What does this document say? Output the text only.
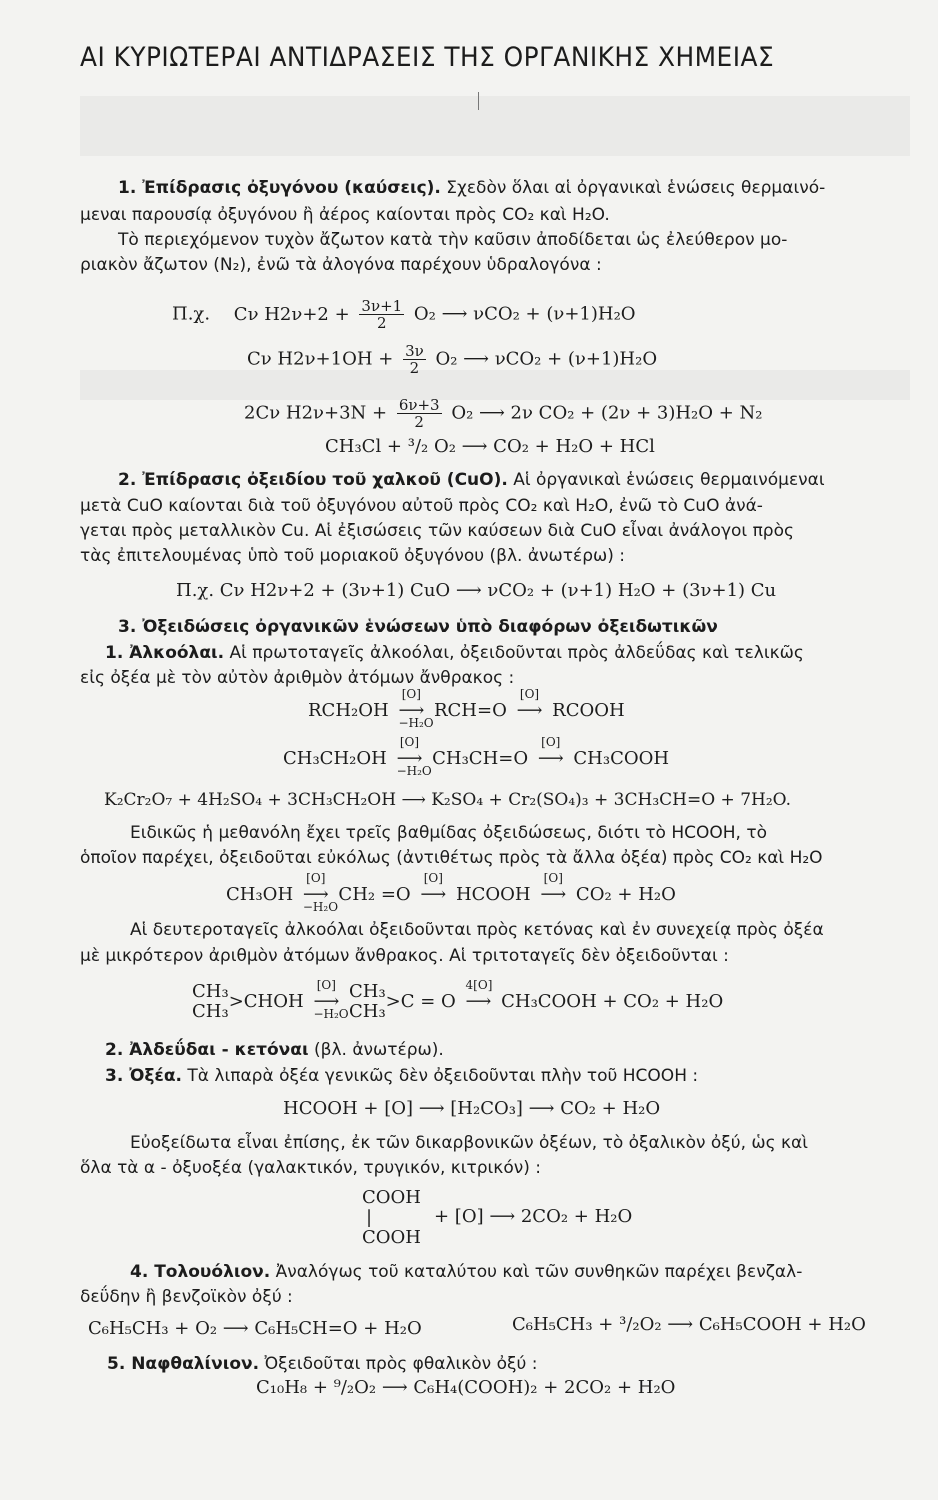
ΑΙ ΚΥΡΙΩΤΕΡΑΙ ΑΝΤΙΔΡΑΣΕΙΣ ΤΗΣ ΟΡΓΑΝΙΚΗΣ ΧΗΜΕΙΑΣ
1. Ἐπίδρασις ὀξυγόνου (καύσεις). Σχεδὸν ὅλαι αἱ ὀργανικαὶ ἑνώσεις θερμαινό-
μεναι παρουσίᾳ ὀξυγόνου ἢ ἀέρος καίονται πρὸς CO₂ καὶ H₂O.
Τὸ περιεχόμενον τυχὸν ἄζωτον κατὰ τὴν καῦσιν ἀποδίδεται ὡς ἐλεύθερον μο-
ριακὸν ἄζωτον (N₂), ἐνῶ τὰ ἀλογόνα παρέχουν ὑδραλογόνα :
Π.χ. Cν $H2\nu+2 + \frac{3\nu+1}{2} O_2$ ⟶ νCO₂ + (ν+1)H₂O
Cν $H2\nu+1OH + \frac{3\nu}{2} O_2$ ⟶ νCO₂ + (ν+1)H₂O
2Cν $H2\nu+3N + \frac{6\nu+3}{2} O_2$ ⟶ 2ν CO₂ + (2ν + 3)H₂O + N₂
CH₃Cl + ³/₂ O₂ ⟶ CO₂ + H₂O + HCl
2. Ἐπίδρασις ὀξειδίου τοῦ χαλκοῦ (CuO). Αἱ ὀργανικαὶ ἑνώσεις θερμαινόμεναι
μετὰ CuO καίονται διὰ τοῦ ὀξυγόνου αὐτοῦ πρὸς CO₂ καὶ H₂O, ἐνῶ τὸ CuO ἀνά-
γεται πρὸς μεταλλικὸν Cu. Αἱ ἐξισώσεις τῶν καύσεων διὰ CuO εἶναι ἀνάλογοι πρὸς
τὰς ἐπιτελουμένας ὑπὸ τοῦ μοριακοῦ ὀξυγόνου (βλ. ἀνωτέρω) :
Π.χ. Cν H2ν+2 + (3ν+1) CuO ⟶ νCO₂ + (ν+1) H₂O + (3ν+1) Cu
3. Ὀξειδώσεις ὀργανικῶν ἑνώσεων ὑπὸ διαφόρων ὀξειδωτικῶν
1. Ἀλκοόλαι. Αἱ πρωτοταγεῖς ἀλκοόλαι, ὀξειδοῦνται πρὸς ἀλδεΰδας καὶ τελικῶς
εἰς ὀξέα μὲ τὸν αὐτὸν ἀριθμὸν ἀτόμων ἄνθρακος :
RCH₂OH
[O]
⟶
−H₂O
RCH=O
[O]
⟶ RCOOH
CH₃CH₂OH
[O]
⟶
−H₂O
CH₃CH=O
[O]
⟶ CH₃COOH
K₂Cr₂O₇ + 4H₂SO₄ + 3CH₃CH₂OH ⟶ K₂SO₄ + Cr₂(SO₄)₃ + 3CH₃CH=O + 7H₂O.
Ειδικῶς ἡ μεθανόλη ἔχει τρεῖς βαθμίδας ὀξειδώσεως, διότι τὸ HCOOH, τὸ
ὁποῖον παρέχει, ὀξειδοῦται εὐκόλως (ἀντιθέτως πρὸς τὰ ἄλλα ὀξέα) πρὸς CO₂ καὶ H₂O
CH₃OH
[O]
⟶
−H₂O
CH₂ =O
[O]
⟶ HCOOH
[O]
⟶ CO₂ + H₂O
Αἱ δευτεροταγεῖς ἀλκοόλαι ὀξειδοῦνται πρὸς κετόνας καὶ ἐν συνεχείᾳ πρὸς ὀξέα
μὲ μικρότερον ἀριθμὸν ἀτόμων ἄνθρακος. Αἱ τριτοταγεῖς δὲν ὀξειδοῦνται :
CH₃
CH₃>CHOH
[O]
⟶
−H₂O
CH₃
CH₃>C = O
4[O]
⟶ CH₃COOH + CO₂ + H₂O
2. Ἀλδεΰδαι - κετόναι (βλ. ἀνωτέρω).
3. Ὀξέα. Τὰ λιπαρὰ ὀξέα γενικῶς δὲν ὀξειδοῦνται πλὴν τοῦ HCOOH :
HCOOH + [O] ⟶ [H₂CO₃] ⟶ CO₂ + H₂O
Εὐοξείδωτα εἶναι ἐπίσης, ἐκ τῶν δικαρβονικῶν ὀξέων, τὸ ὀξαλικὸν ὀξύ, ὡς καὶ
ὅλα τὰ α - ὀξυοξέα (γαλακτικόν, τρυγικόν, κιτρικόν) :
COOH
|
COOH
+ [O] ⟶ 2CO₂ + H₂O
4. Τολουόλιον. Ἀναλόγως τοῦ καταλύτου καὶ τῶν συνθηκῶν παρέχει βενζαλ-
δεΰδην ἢ βενζοϊκὸν ὀξύ :
C₆H₅CH₃ + O₂ ⟶ C₆H₅CH=O + H₂O	C₆H₅CH₃ + ³/₂O₂ ⟶ C₆H₅COOH + H₂O
5. Ναφθαλίνιον. Ὀξειδοῦται πρὸς φθαλικὸν ὀξύ :
C₁₀H₈ + ⁹/₂O₂ ⟶ C₆H₄(COOH)₂ + 2CO₂ + H₂O
